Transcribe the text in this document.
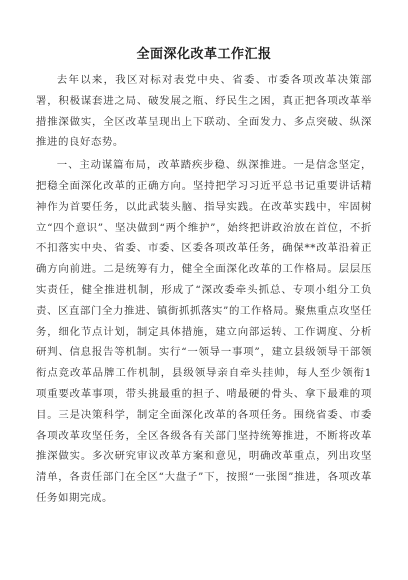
全面深化改革工作汇报

去年以来，我区对标对表党中央、省委、市委各项改革决策部署，积极谋套进之局、破发展之瓶、纾民生之困，真正把各项改革举措推深做实，全区改革呈现出上下联动、全面发力、多点突破、纵深推进的良好态势。

一、主动谋篇布局，改革踏疾步稳、纵深推进。一是信念坚定，把稳全面深化改革的正确方向。坚持把学习习近平总书记重要讲话精神作为首要任务，以此武装头脑、指导实践。在改革实践中，牢固树立“四个意识”、坚决做到“两个维护”，始终把讲政治放在首位，不折不扣落实中央、省委、市委、区委各项改革任务，确保**改革沿着正确方向前进。二是统筹有力，健全全面深化改革的工作格局。层层压实责任，健全推进机制，形成了“深改委牵头抓总、专项小组分工负责、区直部门全力推进、镇街抓抓落实”的工作格局。聚焦重点攻坚任务，细化节点计划，制定具体措施，建立向部运转、工作调度、分析研判、信息报告等机制。实行“一领导一事项”，建立县级领导干部领衔点竞改革品牌工作机制，县级领导亲自牵头挂帅，每人至少领衔1项重要改革事项，带头挑最重的担子、啃最硬的骨头、拿下最难的项目。三是决策科学，制定全面深化改革的各项任务。围绕省委、市委各项改革攻坚任务，全区各级各有关部门坚持统筹推进，不断将改革推深做实。多次研究审议改革方案和意见，明确改革重点，列出攻坚清单，各责任部门在全区“大盘子”下，按照“一张图”推进，各项改革任务如期完成。
